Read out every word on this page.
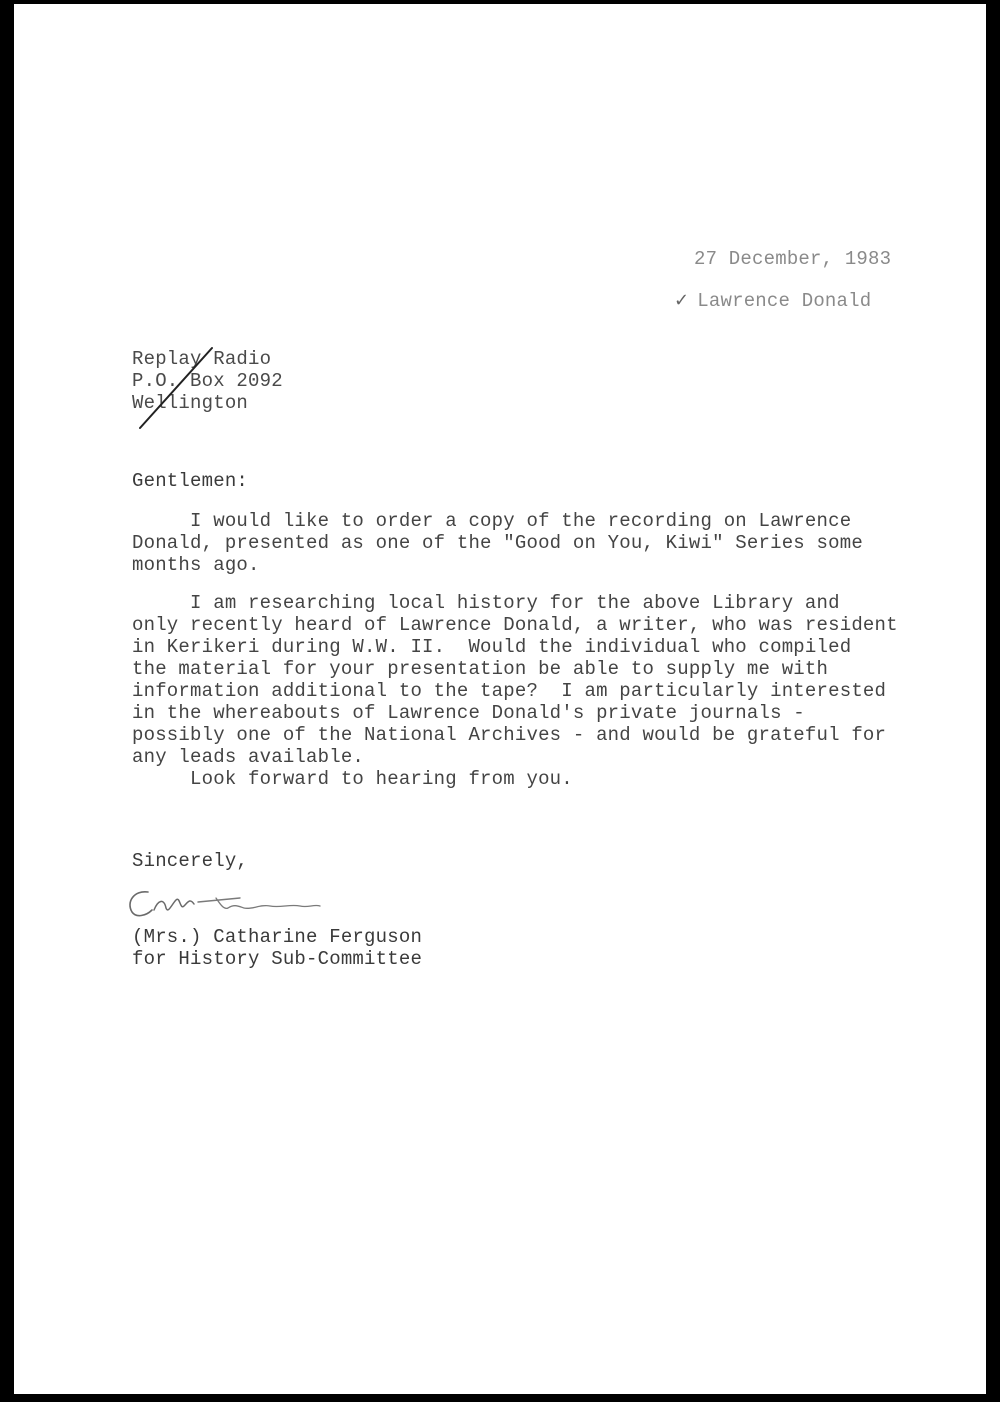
27 December, 1983
✓ Lawrence Donald
Replay Radio
P.O. Box 2092
Wellington
Gentlemen:
I would like to order a copy of the recording on Lawrence
Donald, presented as one of the "Good on You, Kiwi" Series some
months ago.
I am researching local history for the above Library and
only recently heard of Lawrence Donald, a writer, who was resident
in Kerikeri during W.W. II.  Would the individual who compiled
the material for your presentation be able to supply me with
information additional to the tape?  I am particularly interested
in the whereabouts of Lawrence Donald's private journals -
possibly one of the National Archives - and would be grateful for
any leads available.
Look forward to hearing from you.
Sincerely,
(Mrs.) Catharine Ferguson
for History Sub-Committee
